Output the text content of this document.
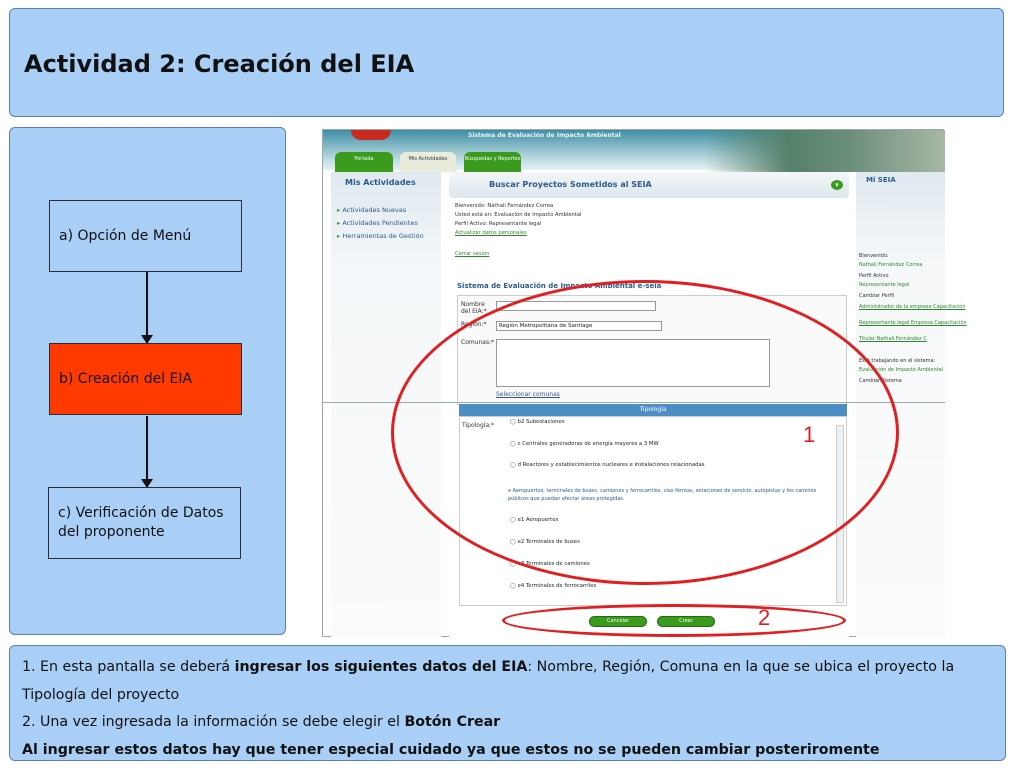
Actividad 2: Creación del EIA
a) Opción de Menú
b) Creación del EIA
c) Verificación de Datos del proponente
Sistema de Evaluación de Impacto Ambiental
Portada	Mis Actividades	Búsquedas y Reportes
Mis Actividades
▸ Actividades Nuevas
▸ Actividades Pendientes
▸ Herramientas de Gestión
Buscar Proyectos Sometidos al SEIA	▾
Bienvenido: Nathali Fernández Correa
Usted está en: Evaluación de Impacto Ambiental
Perfil Activo: Representante legal
Actualizar datos personales
Cerrar sesión
Sistema de Evaluación de Impacto Ambiental e-seia
Nombre del EIA:*
Región:*	Región Metropolitana de Santiago
Comunas:*
Seleccionar comunas
Tipología
Tipología:*
◯	b2 Subestaciones
◯ c Centrales generadoras de energía mayores a 3 MW
◯ d Reactores y establecimientos nucleares e instalaciones relacionadas
e Aeropuertos, terminales de buses, camiones y ferrocarriles, vías férreas, estaciones de servicio, autopistas y los caminos públicos que puedan afectar áreas protegidas.
◯ e1 Aeropuertos
◯ e2 Terminales de buses
◯ e3 Terminales de camiones
◯ e4 Terminales de ferrocarriles
Cancelar	Crear
Mi SEIA
Bienvenido:
Nathali Fernández Correa
Perfil Activo
Representante legal
Cambiar Perfil
Administrador de la empresa Capacitación
Representante legal Empresa Capacitación
Titular Nathali Fernández C
Está trabajando en el sistema:
Evaluación de Impacto Ambiental
Cambiar Sistema
1
2
1. En esta pantalla se deberá ingresar los siguientes datos del EIA: Nombre, Región, Comuna en la que se ubica el proyecto la Tipología del proyecto
2. Una vez ingresada la información se debe elegir el Botón Crear
Al ingresar estos datos hay que tener especial cuidado ya que estos no se pueden cambiar posteriromente
